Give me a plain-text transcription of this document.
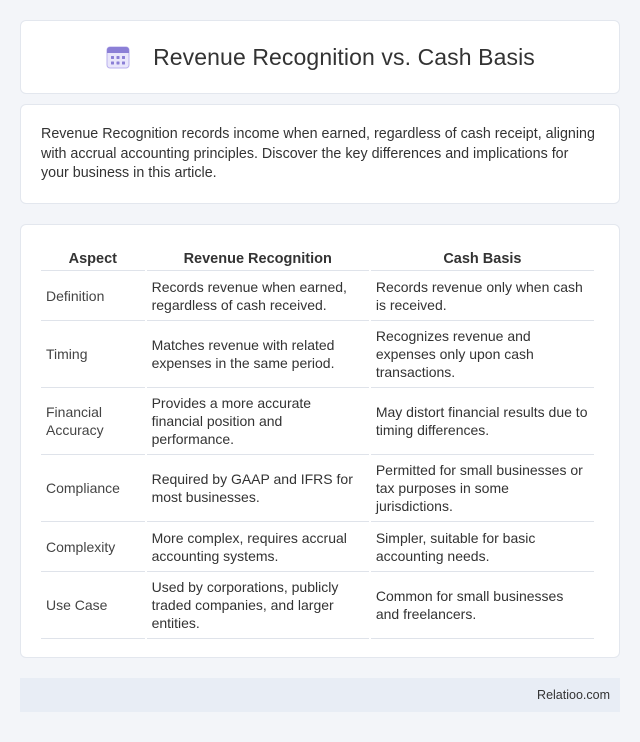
Revenue Recognition vs. Cash Basis

Revenue Recognition records income when earned, regardless of cash receipt, aligning with accrual accounting principles. Discover the key differences and implications for your business in this article.

Aspect	Revenue Recognition	Cash Basis
Definition	Records revenue when earned, regardless of cash received.	Records revenue only when cash is received.
Timing	Matches revenue with related expenses in the same period.	Recognizes revenue and expenses only upon cash transactions.
Financial Accuracy	Provides a more accurate financial position and performance.	May distort financial results due to timing differences.
Compliance	Required by GAAP and IFRS for most businesses.	Permitted for small businesses or tax purposes in some jurisdictions.
Complexity	More complex, requires accrual accounting systems.	Simpler, suitable for basic accounting needs.
Use Case	Used by corporations, publicly traded companies, and larger entities.	Common for small businesses and freelancers.
Relatioo.com
